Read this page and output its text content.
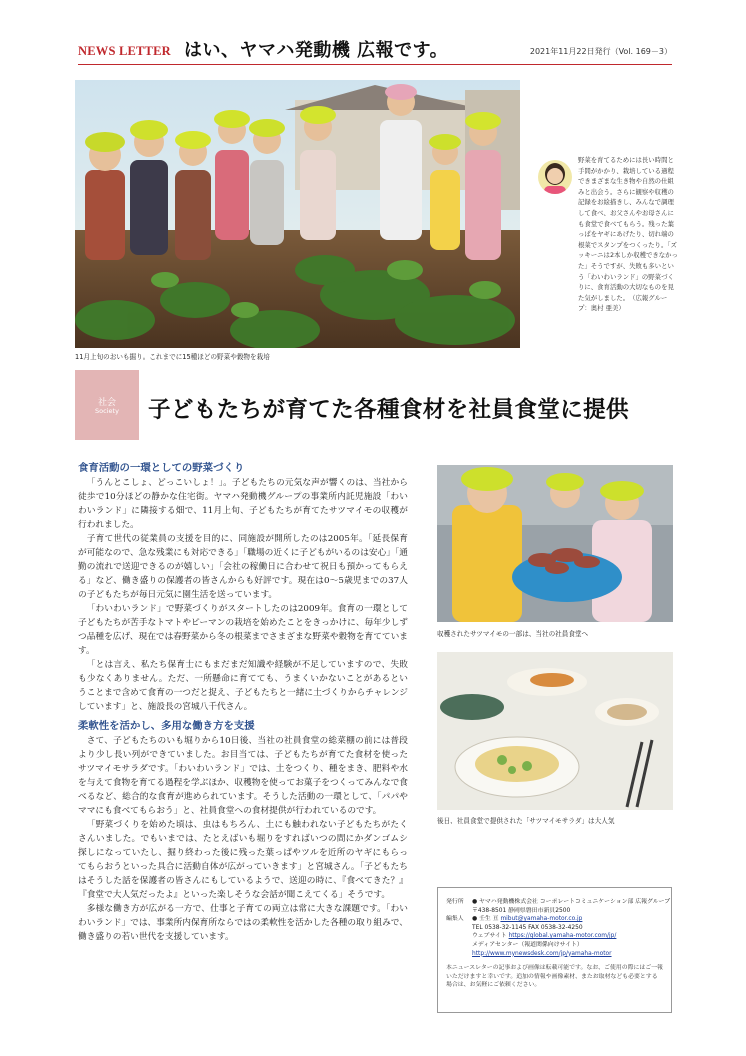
NEWS LETTER はい、ヤマハ発動機 広報です。	2021年11月22日発行（Vol. 169－3）
11月上旬のおいも掘り。これまでに15種ほどの野菜や穀物を栽培
野菜を育てるためには長い時間と手間がかかり、栽培している過程できまざまな生き物や自然の仕組みと出会う。さらに観察や収穫の記録をお絵描きし、みんなで調理して食べ、お父さんやお母さんにも食堂で食べてもらう。残った葉っぱをヤギにあげたり、切れ端の根菜でスタンプをつくったり。「ズッキーニは2本しか収穫できなかった」そうですが、失敗も多いという「わいわいランド」の野菜づくりに、食育活動の大切なものを見た気がしました。　（広報グループ：奥村 亜美）
社会
Society	子どもたちが育てた各種食材を社員食堂に提供
食育活動の一環としての野菜づくり

「うんとこしょ、どっこいしょ！」。子どもたちの元気な声が響くのは、当社から徒歩で10分ほどの静かな住宅街。ヤマハ発動機グループの事業所内託児施設「わいわいランド」に隣接する畑で、11月上旬、子どもたちが育てたサツマイモの収穫が行われました。

子育て世代の従業員の支援を目的に、同施設が開所したのは2005年。「延長保育が可能なので、急な残業にも対応できる」「職場の近くに子どもがいるのは安心」「通勤の流れで送迎できるのが嬉しい」「会社の稼働日に合わせて祝日も預かってもらえる」など、働き盛りの保護者の皆さんからも好評です。現在は0～5歳児までの37人の子どもたちが毎日元気に園生活を送っています。

「わいわいランド」で野菜づくりがスタートしたのは2009年。食育の一環として子どもたちが苦手なトマトやピーマンの栽培を始めたことをきっかけに、毎年少しずつ品種を広げ、現在では春野菜から冬の根菜までさまざまな野菜や穀物を育てています。

「とは言え、私たち保育士にもまだまだ知識や経験が不足していますので、失敗も少なくありません。ただ、一所懸命に育てても、うまくいかないことがあるということまで含めて食育の一つだと捉え、子どもたちと一緒に土づくりからチャレンジしています」と、施設長の宮城八千代さん。

柔軟性を活かし、多用な働き方を支援

さて、子どもたちのいも堀りから10日後、当社の社員食堂の総菜棚の前には普段より少し長い列ができていました。お目当ては、子どもたちが育てた食材を使ったサツマイモサラダです。「わいわいランド」では、土をつくり、種をまき、肥料や水を与えて食物を育てる過程を学ぶほか、収穫物を使ってお菓子をつくってみんなで食べるなど、総合的な食育が進められています。そうした活動の一環として、「パパやママにも食べてもらおう」と、社員食堂への食材提供が行われているのです。

「野菜づくりを始めた頃は、虫はもちろん、土にも触われない子どもたちがたくさんいました。でもいまでは、たとえばいも堀りをすればいつの間にかダンゴムシ探しになっていたし、掘り終わった後に残った葉っぱやツルを近所のヤギにもらってもらおうといった具合に活動自体が広がっていきます」と宮城さん。「子どもたちはそうした話を保護者の皆さんにもしているようで、送迎の時に、『食べてきた？』『食堂で大人気だったよ』といった楽しそうな会話が聞こえてくる」そうです。

多様な働き方が広がる一方で、仕事と子育ての両立は常に大きな課題です。「わいわいランド」では、事業所内保育所ならではの柔軟性を活かした各種の取り組みで、働き盛りの若い世代を支援しています。

収穫されたサツマイモの一部は、当社の社員食堂へ
後日、社員食堂で提供された「サツマイモサラダ」は大人気
発行所	● ヤマハ発動機株式会社 コーポレートコミュニケーション部 広報グループ
〒438-8501 静岡県磐田市新貝2500
編集人	● 壬生 亘 mibut@yamaha-motor.co.jp
TEL 0538-32-1145 FAX 0538-32-4250
ウェブサイト https://global.yamaha-motor.com/jp/
メディアセンター（報道関係向けサイト）
http://www.mynewsdesk.com/jp/yamaha-motor
本ニュースレターの記事および画像は転載可能です。なお、ご使用の際にはご一報いただけますと幸いです。追加の情報や画像素材、またお取材なども必要とする場合は、お気軽にご依頼ください。
